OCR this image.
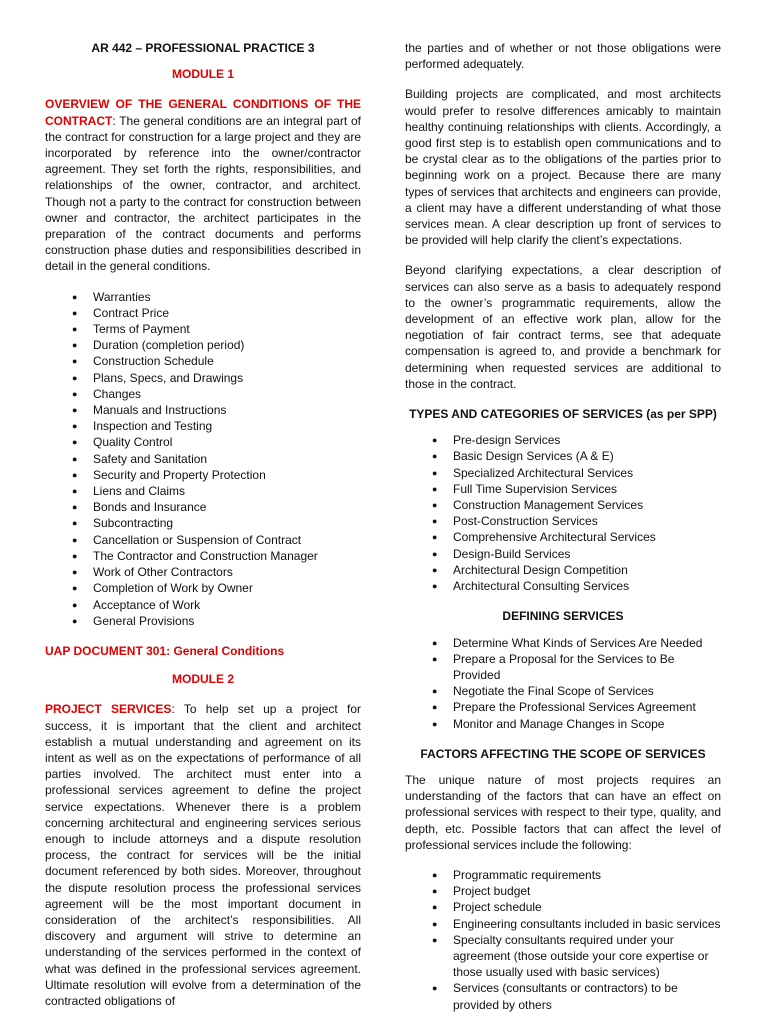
AR 442 – PROFESSIONAL PRACTICE 3
MODULE 1

OVERVIEW OF THE GENERAL CONDITIONS OF THE CONTRACT: The general conditions are an integral part of the contract for construction for a large project and they are incorporated by reference into the owner/contractor agreement. They set forth the rights, responsibilities, and relationships of the owner, contractor, and architect. Though not a party to the contract for construction between owner and contractor, the architect participates in the preparation of the contract documents and performs construction phase duties and responsibilities described in detail in the general conditions.

● Warranties
● Contract Price
● Terms of Payment
● Duration (completion period)
● Construction Schedule
● Plans, Specs, and Drawings
● Changes
● Manuals and Instructions
● Inspection and Testing
● Quality Control
● Safety and Sanitation
● Security and Property Protection
● Liens and Claims
● Bonds and Insurance
● Subcontracting
● Cancellation or Suspension of Contract
● The Contractor and Construction Manager
● Work of Other Contractors
● Completion of Work by Owner
● Acceptance of Work
● General Provisions
UAP DOCUMENT 301: General Conditions
MODULE 2

PROJECT SERVICES: To help set up a project for success, it is important that the client and architect establish a mutual understanding and agreement on its intent as well as on the expectations of performance of all parties involved. The architect must enter into a professional services agreement to define the project service expectations. Whenever there is a problem concerning architectural and engineering services serious enough to include attorneys and a dispute resolution process, the contract for services will be the initial document referenced by both sides. Moreover, throughout the dispute resolution process the professional services agreement will be the most important document in consideration of the architect’s responsibilities. All discovery and argument will strive to determine an understanding of the services performed in the context of what was defined in the professional services agreement. Ultimate resolution will evolve from a determination of the contracted obligations of

the parties and of whether or not those obligations were performed adequately.

Building projects are complicated, and most architects would prefer to resolve differences amicably to maintain healthy continuing relationships with clients. Accordingly, a good first step is to establish open communications and to be crystal clear as to the obligations of the parties prior to beginning work on a project. Because there are many types of services that architects and engineers can provide, a client may have a different understanding of what those services mean. A clear description up front of services to be provided will help clarify the client’s expectations.

Beyond clarifying expectations, a clear description of services can also serve as a basis to adequately respond to the owner’s programmatic requirements, allow the development of an effective work plan, allow for the negotiation of fair contract terms, see that adequate compensation is agreed to, and provide a benchmark for determining when requested services are additional to those in the contract.

TYPES AND CATEGORIES OF SERVICES (as per SPP)
● Pre-design Services
● Basic Design Services (A & E)
● Specialized Architectural Services
● Full Time Supervision Services
● Construction Management Services
● Post-Construction Services
● Comprehensive Architectural Services
● Design-Build Services
● Architectural Design Competition
● Architectural Consulting Services
DEFINING SERVICES
● Determine What Kinds of Services Are Needed
● Prepare a Proposal for the Services to Be Provided
● Negotiate the Final Scope of Services
● Prepare the Professional Services Agreement
● Monitor and Manage Changes in Scope
FACTORS AFFECTING THE SCOPE OF SERVICES

The unique nature of most projects requires an understanding of the factors that can have an effect on professional services with respect to their type, quality, and depth, etc. Possible factors that can affect the level of professional services include the following:

● Programmatic requirements
● Project budget
● Project schedule
● Engineering consultants included in basic services
● Specialty consultants required under your agreement (those outside your core expertise or those usually used with basic services)
● Services (consultants or contractors) to be provided by others
